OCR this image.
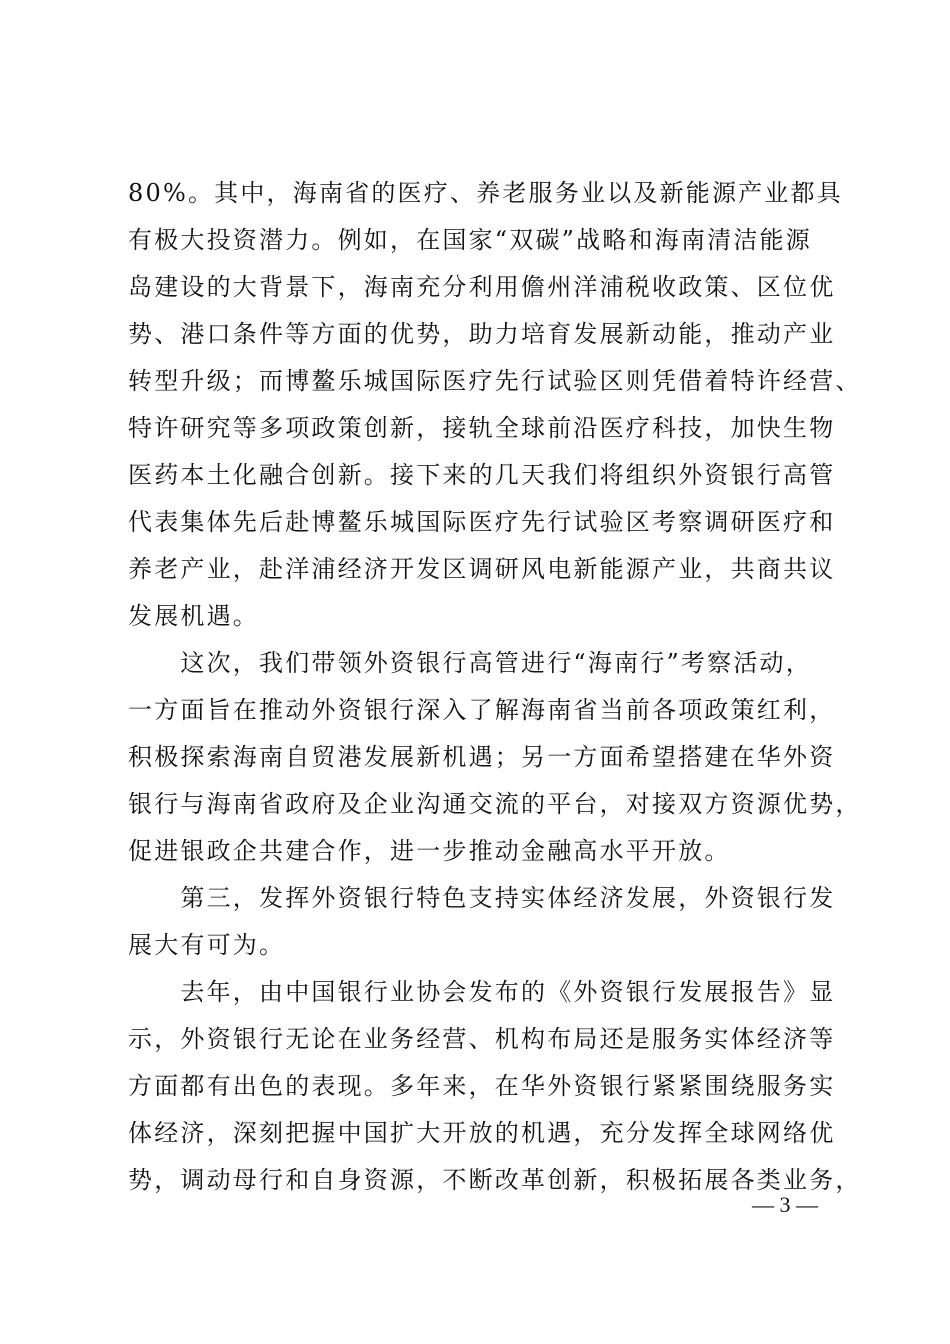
80%。其中，海南省的医疗、养老服务业以及新能源产业都具
有极大投资潜力。例如，在国家“双碳”战略和海南清洁能源
岛建设的大背景下，海南充分利用儋州洋浦税收政策、区位优
势、港口条件等方面的优势，助力培育发展新动能，推动产业
转型升级；而博鳌乐城国际医疗先行试验区则凭借着特许经营、
特许研究等多项政策创新，接轨全球前沿医疗科技，加快生物
医药本土化融合创新。接下来的几天我们将组织外资银行高管
代表集体先后赴博鳌乐城国际医疗先行试验区考察调研医疗和
养老产业，赴洋浦经济开发区调研风电新能源产业，共商共议
发展机遇。
　　这次，我们带领外资银行高管进行“海南行”考察活动，
一方面旨在推动外资银行深入了解海南省当前各项政策红利，
积极探索海南自贸港发展新机遇；另一方面希望搭建在华外资
银行与海南省政府及企业沟通交流的平台，对接双方资源优势，
促进银政企共建合作，进一步推动金融高水平开放。
　　第三，发挥外资银行特色支持实体经济发展，外资银行发
展大有可为。
　　去年，由中国银行业协会发布的《外资银行发展报告》显
示，外资银行无论在业务经营、机构布局还是服务实体经济等
方面都有出色的表现。多年来，在华外资银行紧紧围绕服务实
体经济，深刻把握中国扩大开放的机遇，充分发挥全球网络优
势，调动母行和自身资源，不断改革创新，积极拓展各类业务，
— 3 —
